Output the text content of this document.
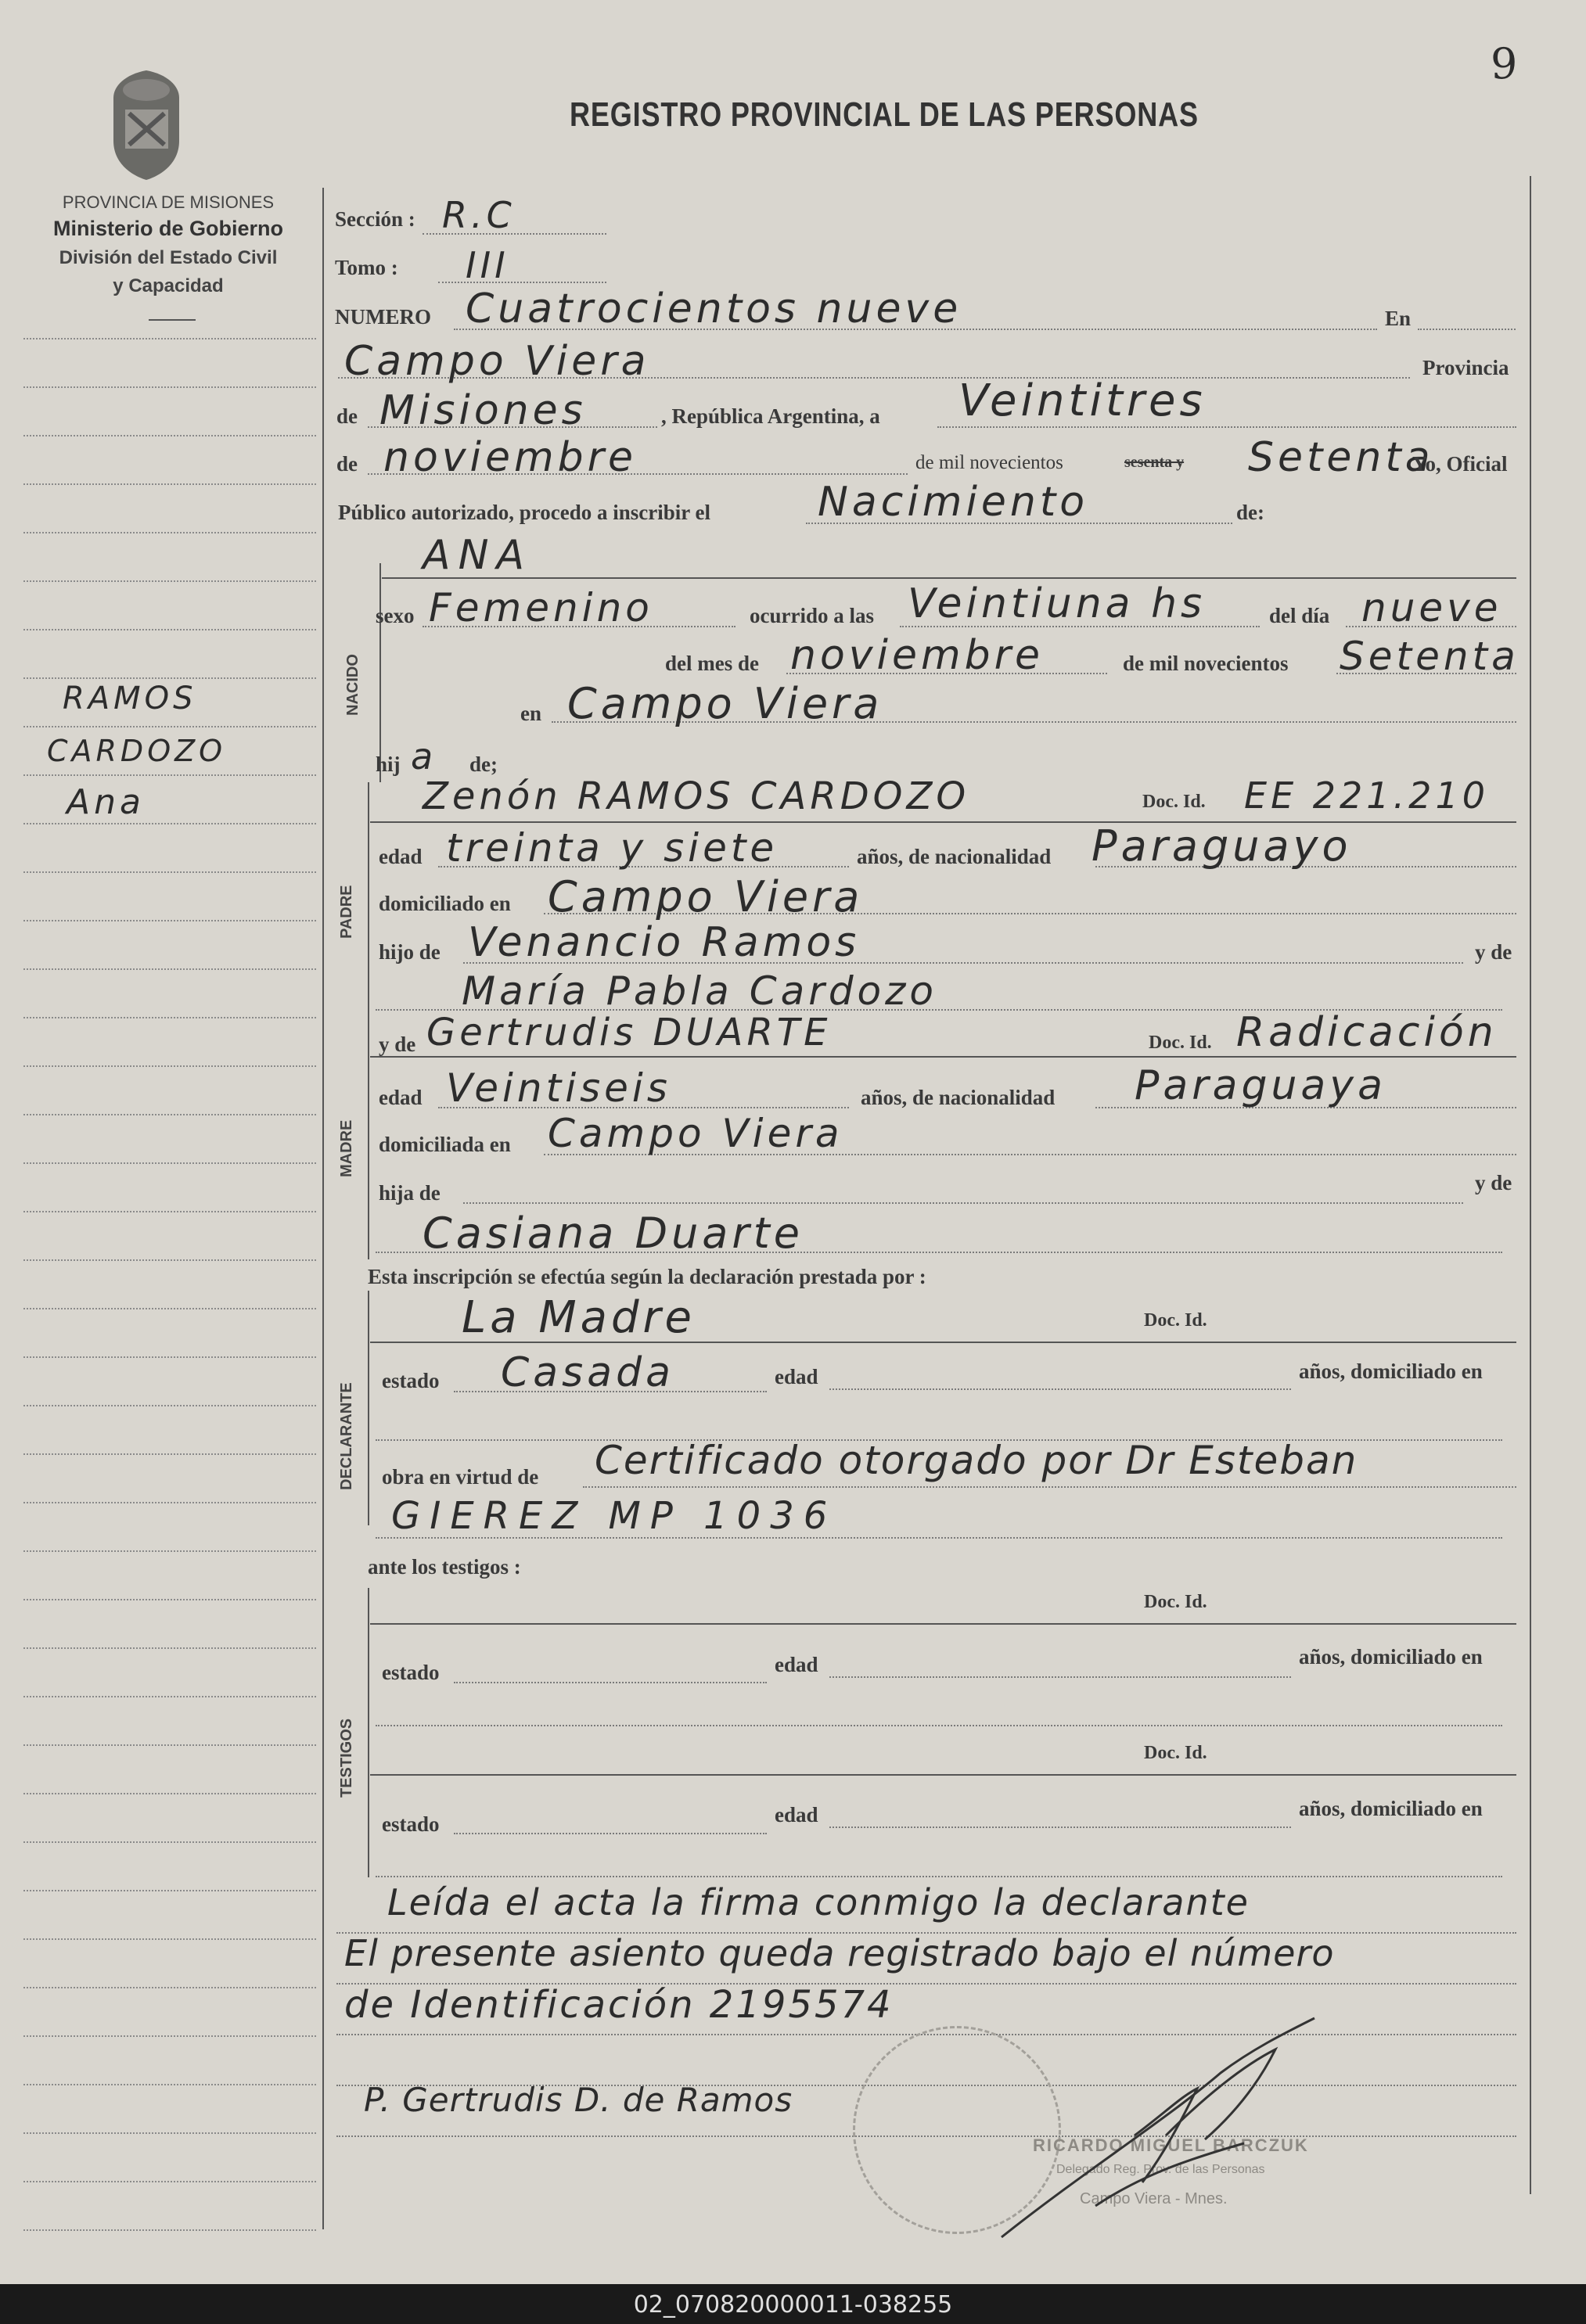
9
PROVINCIA DE MISIONES
Ministerio de Gobierno
División del Estado Civil
y Capacidad
RAMOS
CARDOZO
Ana
REGISTRO PROVINCIAL DE LAS PERSONAS
Sección : R.C
Tomo : III
NUMERO Cuatrocientos nueve	En
Campo Viera	Provincia
de Misiones	, República Argentina, a Veintitres
de noviembre	de mil novecientos	sesenta y Setenta
Yo, Oficial
Público autorizado, procedo a inscribir el	Nacimiento	de:
NACIDO
ANA
sexo Femenino	ocurrido a las Veintiuna hs	del día nueve
del mes de noviembre	de mil novecientos Setenta
en Campo Viera
hij a de;
PADRE
Zenón RAMOS CARDOZO	Doc. Id. EE 221.210
edad treinta y siete	años, de nacionalidad Paraguayo
domiciliado en Campo Viera
hijo de Venancio Ramos	y de
María Pabla Cardozo
MADRE
y de Gertrudis DUARTE	Doc. Id. Radicación
edad Veintiseis	años, de nacionalidad Paraguaya
domiciliada en Campo Viera
hija de	y de
Casiana Duarte
Esta inscripción se efectúa según la declaración prestada por :
DECLARANTE
La Madre	Doc. Id.
estado Casada	edad	años, domiciliado en
obra en virtud de Certificado otorgado por Dr Esteban
GIEREZ MP 1036
ante los testigos :
TESTIGOS
Doc. Id.
estado	edad	años, domiciliado en
Doc. Id.
estado	edad	años, domiciliado en
Leída el acta la firma conmigo la declarante
El presente asiento queda registrado bajo el número
de Identificación 2195574
RICARDO MIGUEL BARCZUK
Delegado Reg. Prov. de las Personas
Campo Viera - Mnes.
P. Gertrudis D. de Ramos
02_070820000011-038255
